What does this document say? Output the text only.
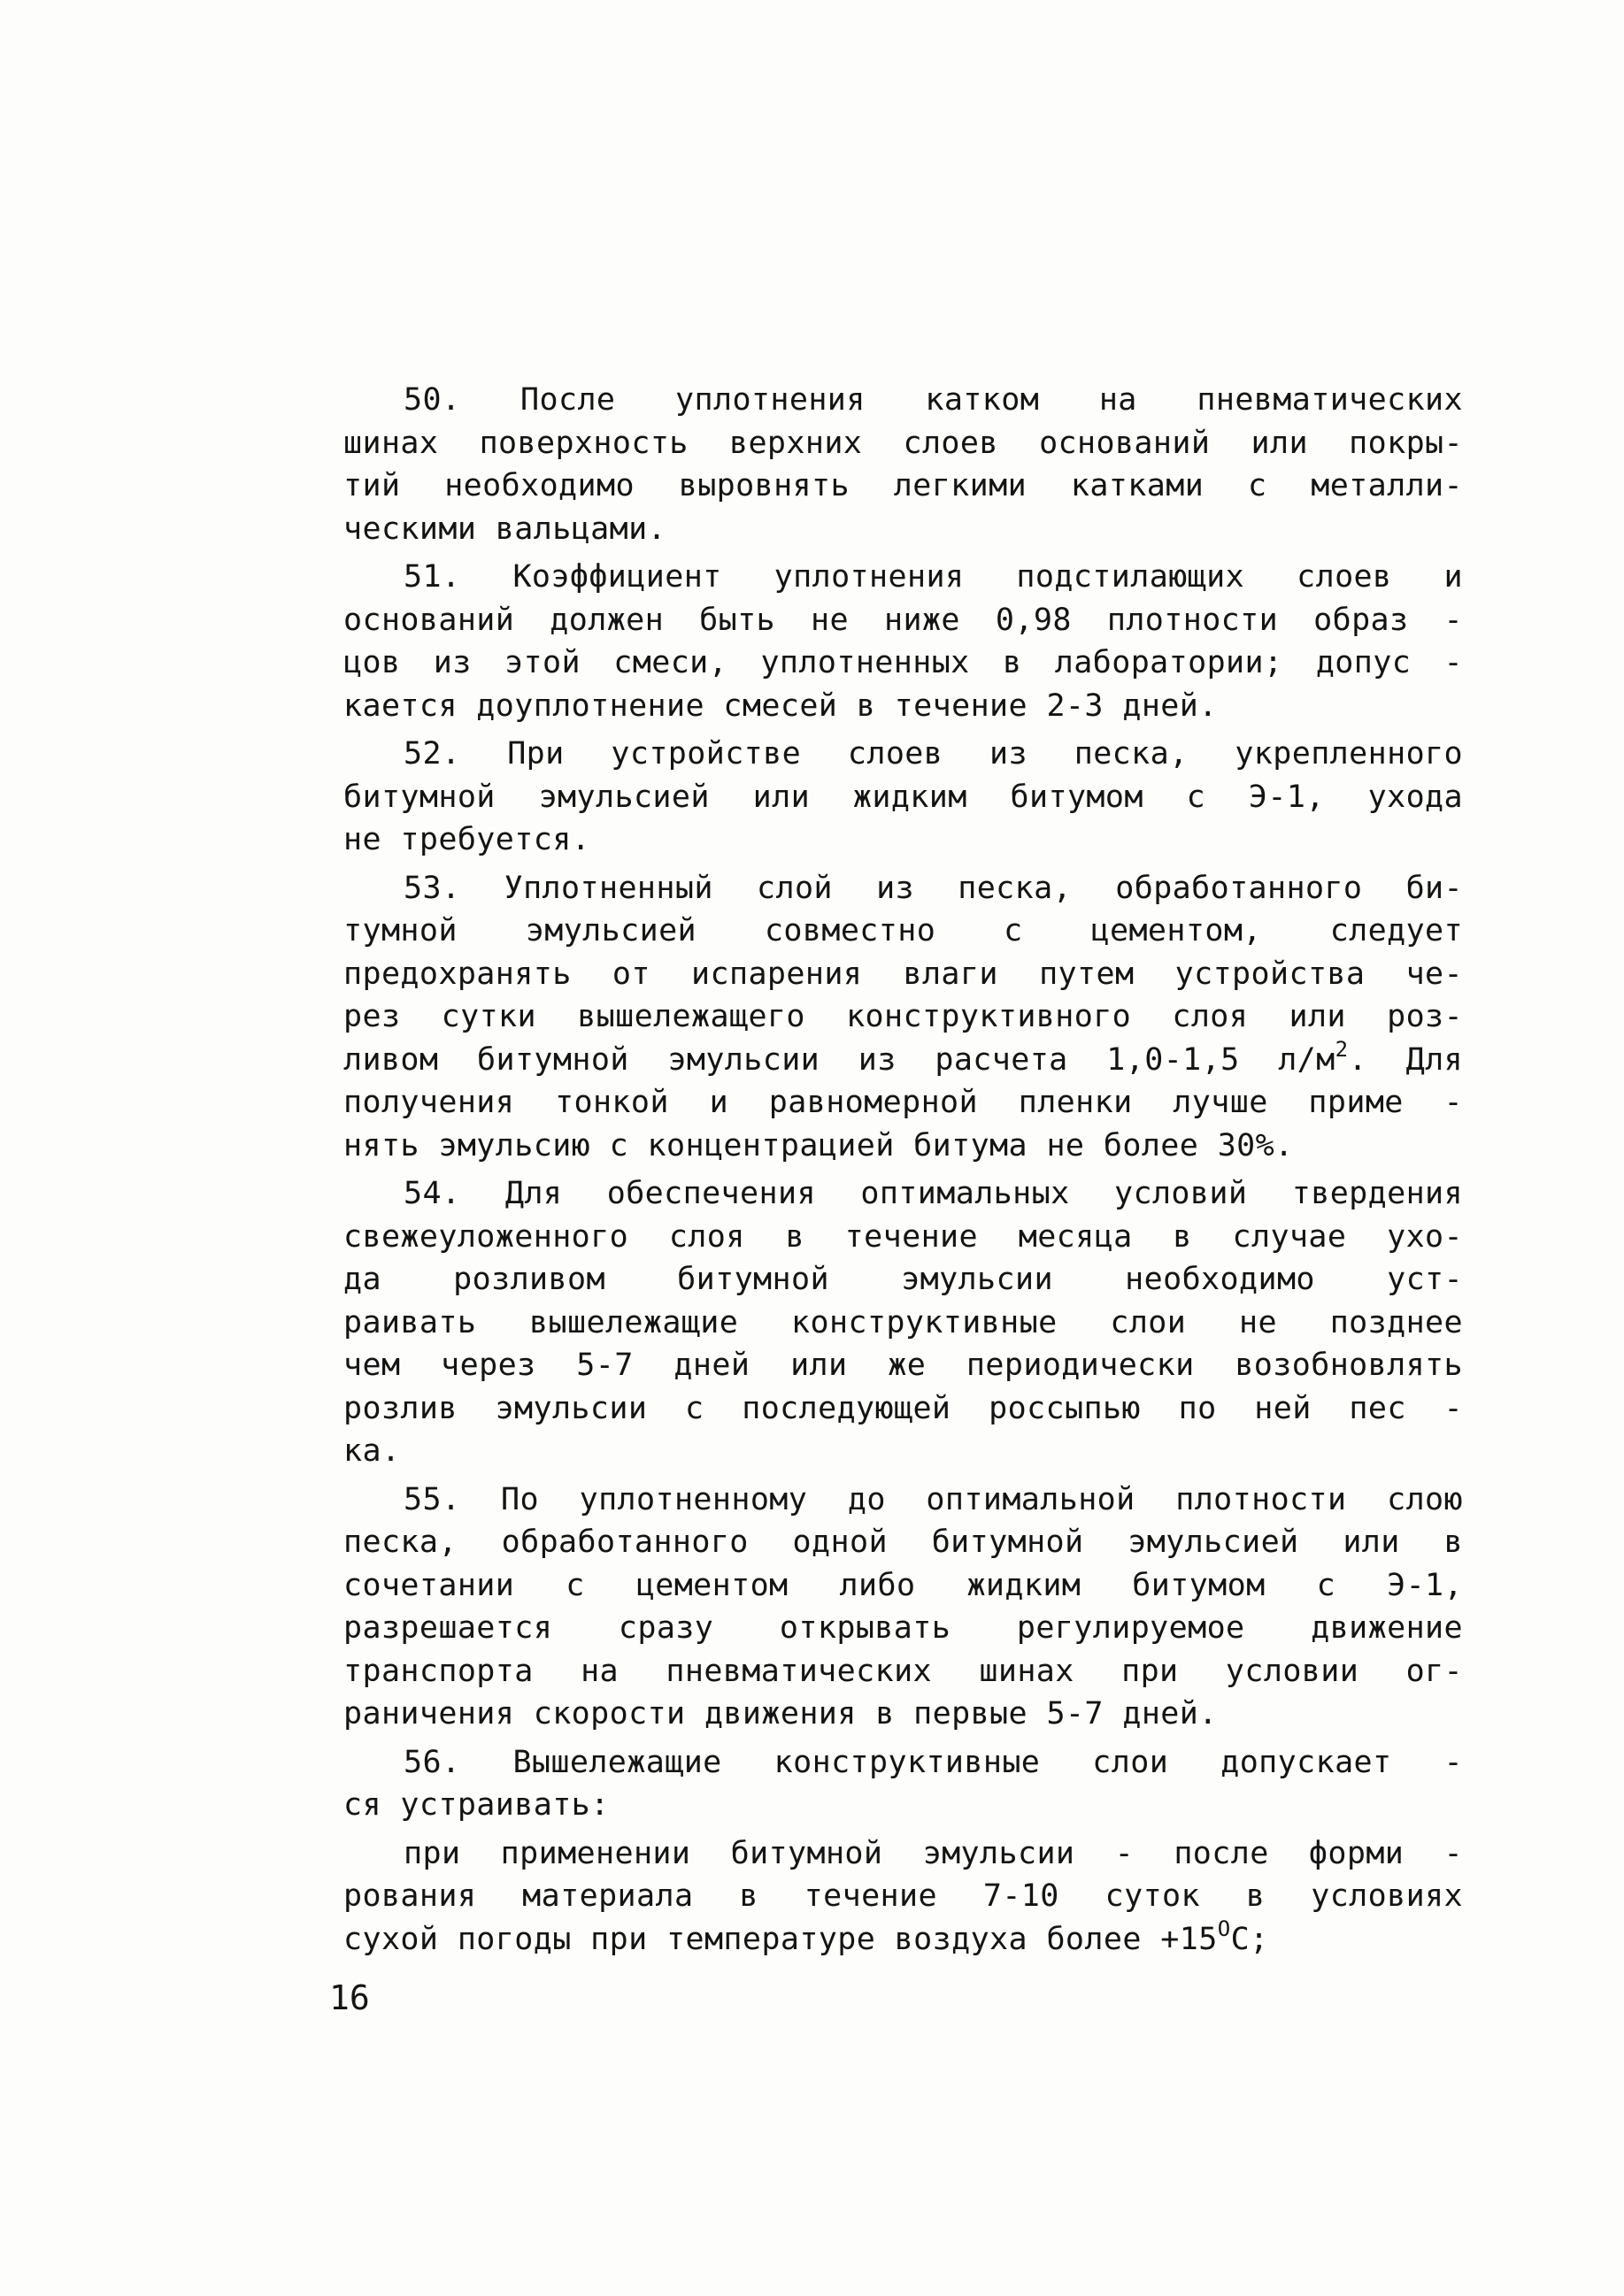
50. После уплотнения катком на пневматических
шинах поверхность верхних слоев оснований или покры-
тий необходимо выровнять легкими катками с металли-
ческими вальцами.
51. Коэффициент уплотнения подстилающих слоев и
оснований должен быть не ниже 0,98 плотности образ -
цов из этой смеси, уплотненных в лаборатории; допус -
кается доуплотнение смесей в течение 2-3 дней.
52. При устройстве слоев из песка, укрепленного
битумной эмульсией или жидким битумом с Э-1, ухода
не требуется.
53. Уплотненный слой из песка, обработанного би-
тумной эмульсией совместно с цементом, следует
предохранять от испарения влаги путем устройства че-
рез сутки вышележащего конструктивного слоя или роз-
ливом битумной эмульсии из расчета 1,0-1,5 $л/м^2$. Для
получения тонкой и равномерной пленки лучше приме -
нять эмульсию с концентрацией битума не более 30%.
54. Для обеспечения оптимальных условий твердения
свежеуложенного слоя в течение месяца в случае ухо-
да розливом битумной эмульсии необходимо уст-
раивать вышележащие конструктивные слои не позднее
чем через 5-7 дней или же периодически возобновлять
розлив эмульсии с последующей россыпью по ней пес -
ка.
55. По уплотненному до оптимальной плотности слою
песка, обработанного одной битумной эмульсией или в
сочетании с цементом либо жидким битумом с Э-1,
разрешается сразу открывать регулируемое движение
транспорта на пневматических шинах при условии ог-
раничения скорости движения в первые 5-7 дней.
56. Вышележащие конструктивные слои допускает -
ся устраивать:
при применении битумной эмульсии - после форми -
рования материала в течение 7-10 суток в условиях
сухой погоды при температуре воздуха более $+15^OC$;
16
